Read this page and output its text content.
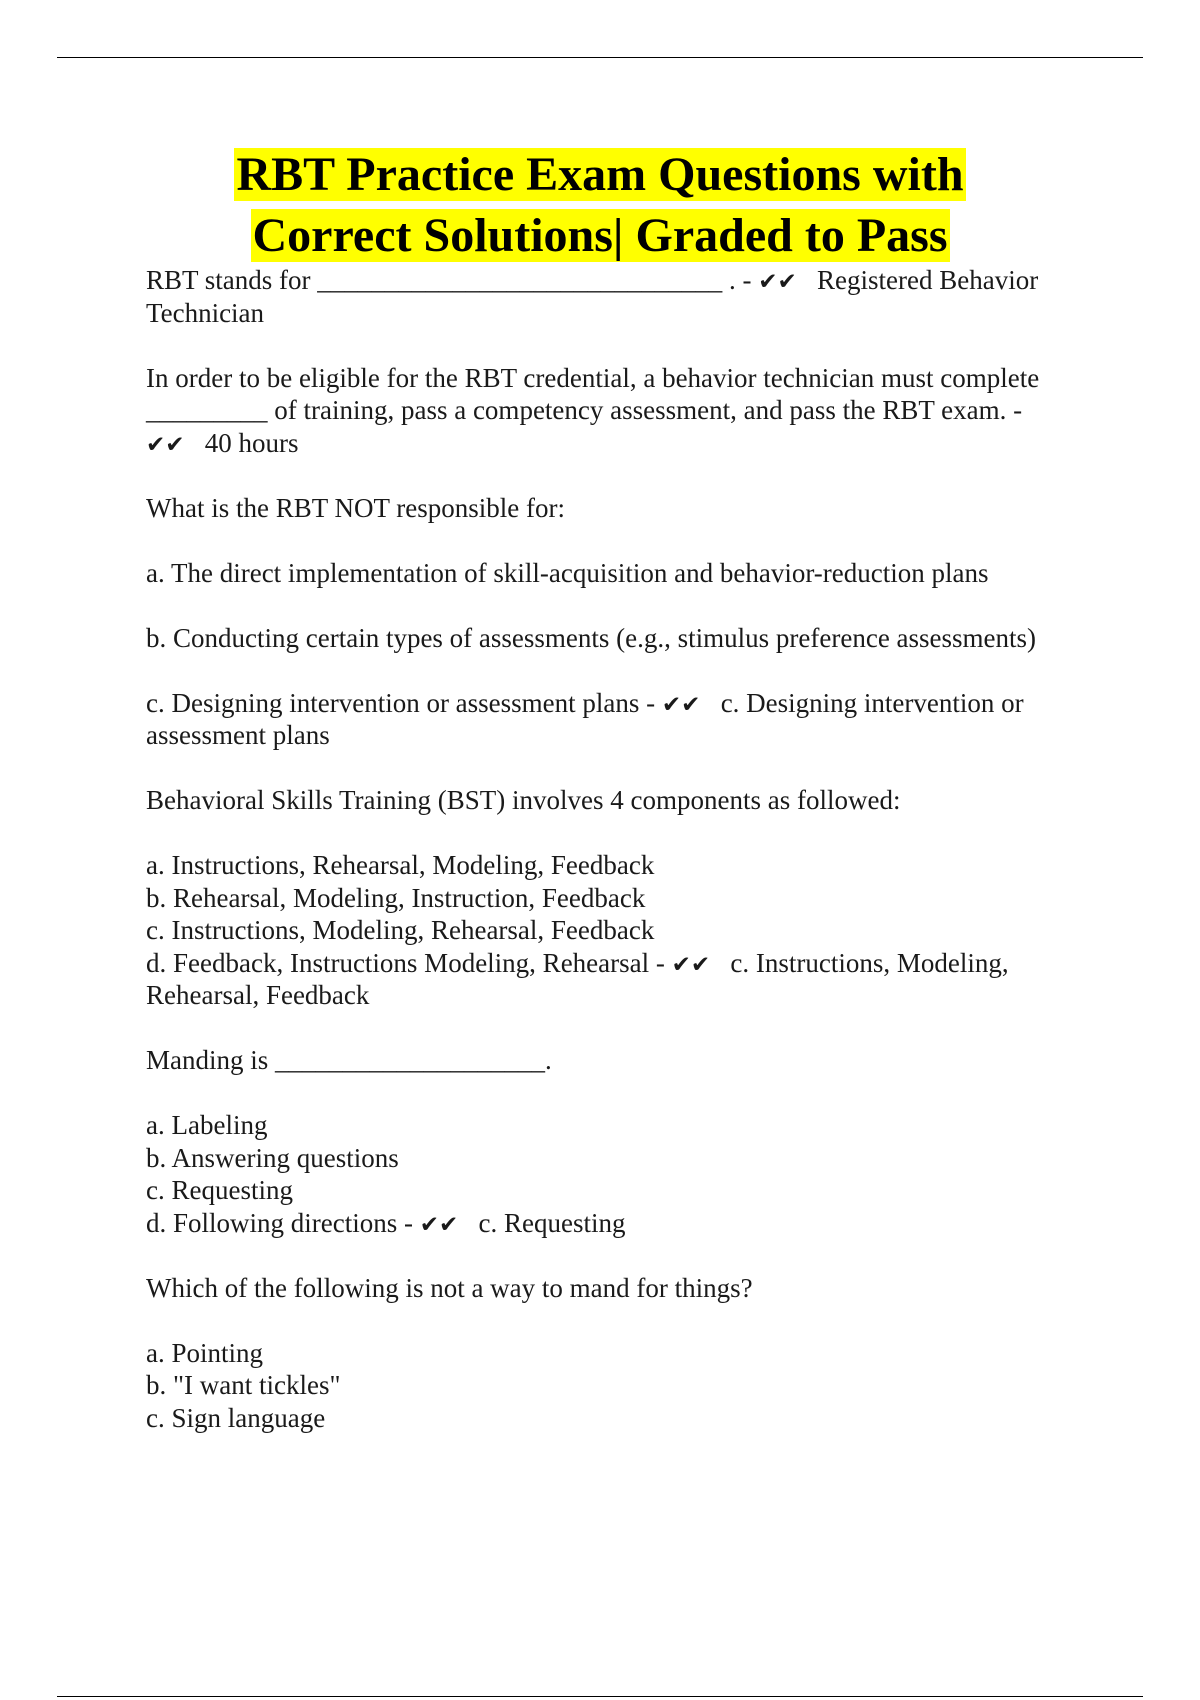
RBT Practice Exam Questions with
Correct Solutions| Graded to Pass
RBT stands for ______________________________ . - ✔✔   Registered Behavior
Technician
In order to be eligible for the RBT credential, a behavior technician must complete
_________ of training, pass a competency assessment, and pass the RBT exam. -
✔✔   40 hours
What is the RBT NOT responsible for:
a. The direct implementation of skill-acquisition and behavior-reduction plans
b. Conducting certain types of assessments (e.g., stimulus preference assessments)
c. Designing intervention or assessment plans - ✔✔   c. Designing intervention or
assessment plans
Behavioral Skills Training (BST) involves 4 components as followed:
a. Instructions, Rehearsal, Modeling, Feedback
b. Rehearsal, Modeling, Instruction, Feedback
c. Instructions, Modeling, Rehearsal, Feedback
d. Feedback, Instructions Modeling, Rehearsal - ✔✔   c. Instructions, Modeling,
Rehearsal, Feedback
Manding is ____________________.
a. Labeling
b. Answering questions
c. Requesting
d. Following directions - ✔✔   c. Requesting
Which of the following is not a way to mand for things?
a. Pointing
b. "I want tickles"
c. Sign language
